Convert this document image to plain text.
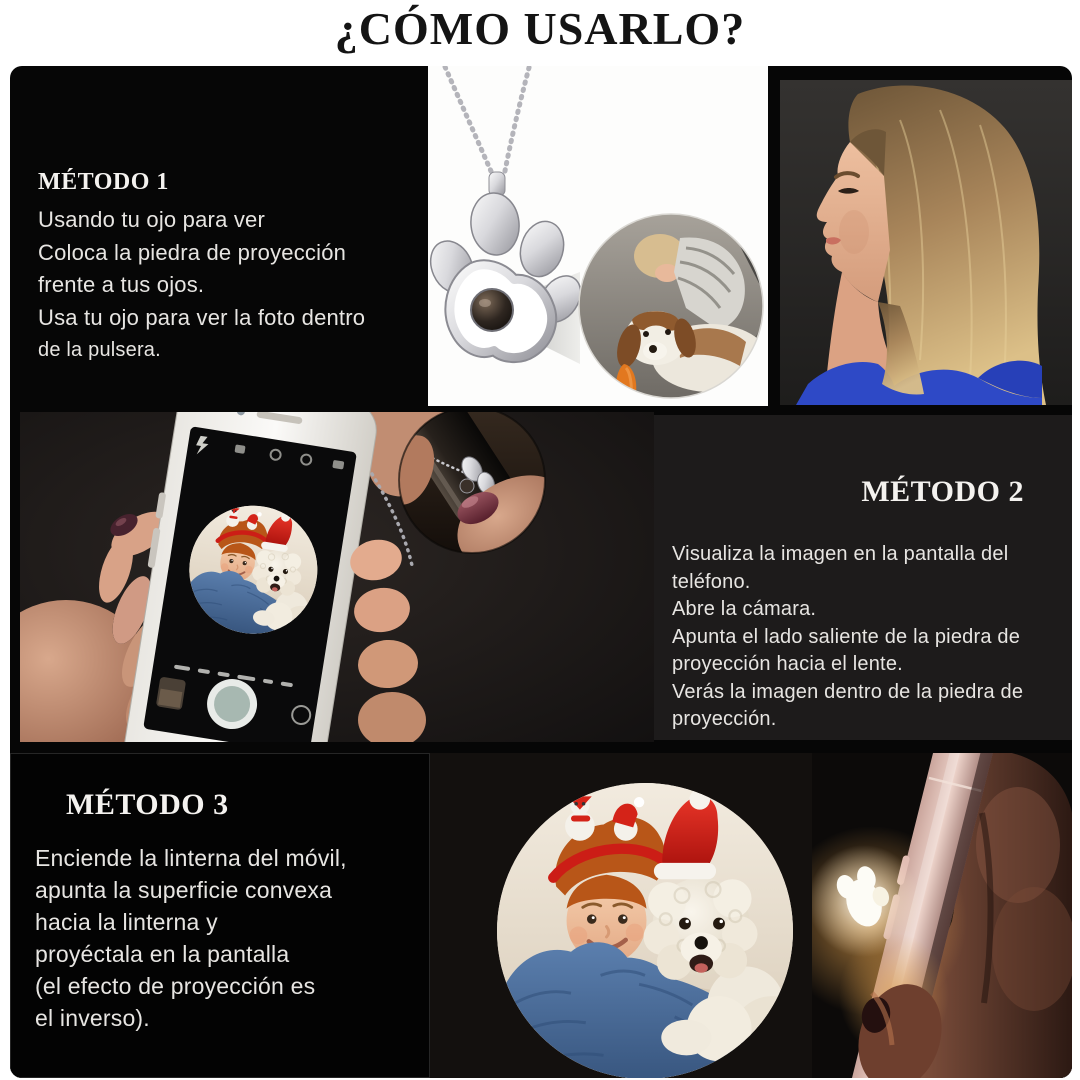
¿CÓMO USARLO?
MÉTODO 1
Usando tu ojo para ver
Coloca la piedra de proyección
frente a tus ojos.
Usa tu ojo para ver la foto dentro
de la pulsera.
MÉTODO 2
Visualiza la imagen en la pantalla del
teléfono.
Abre la cámara.
Apunta el lado saliente de la piedra de
proyección hacia el lente.
Verás la imagen dentro de la piedra de
proyección.
MÉTODO 3
Enciende la linterna del móvil,
apunta la superficie convexa
hacia la linterna y
proyéctala en la pantalla
(el efecto de proyección es
el inverso).
